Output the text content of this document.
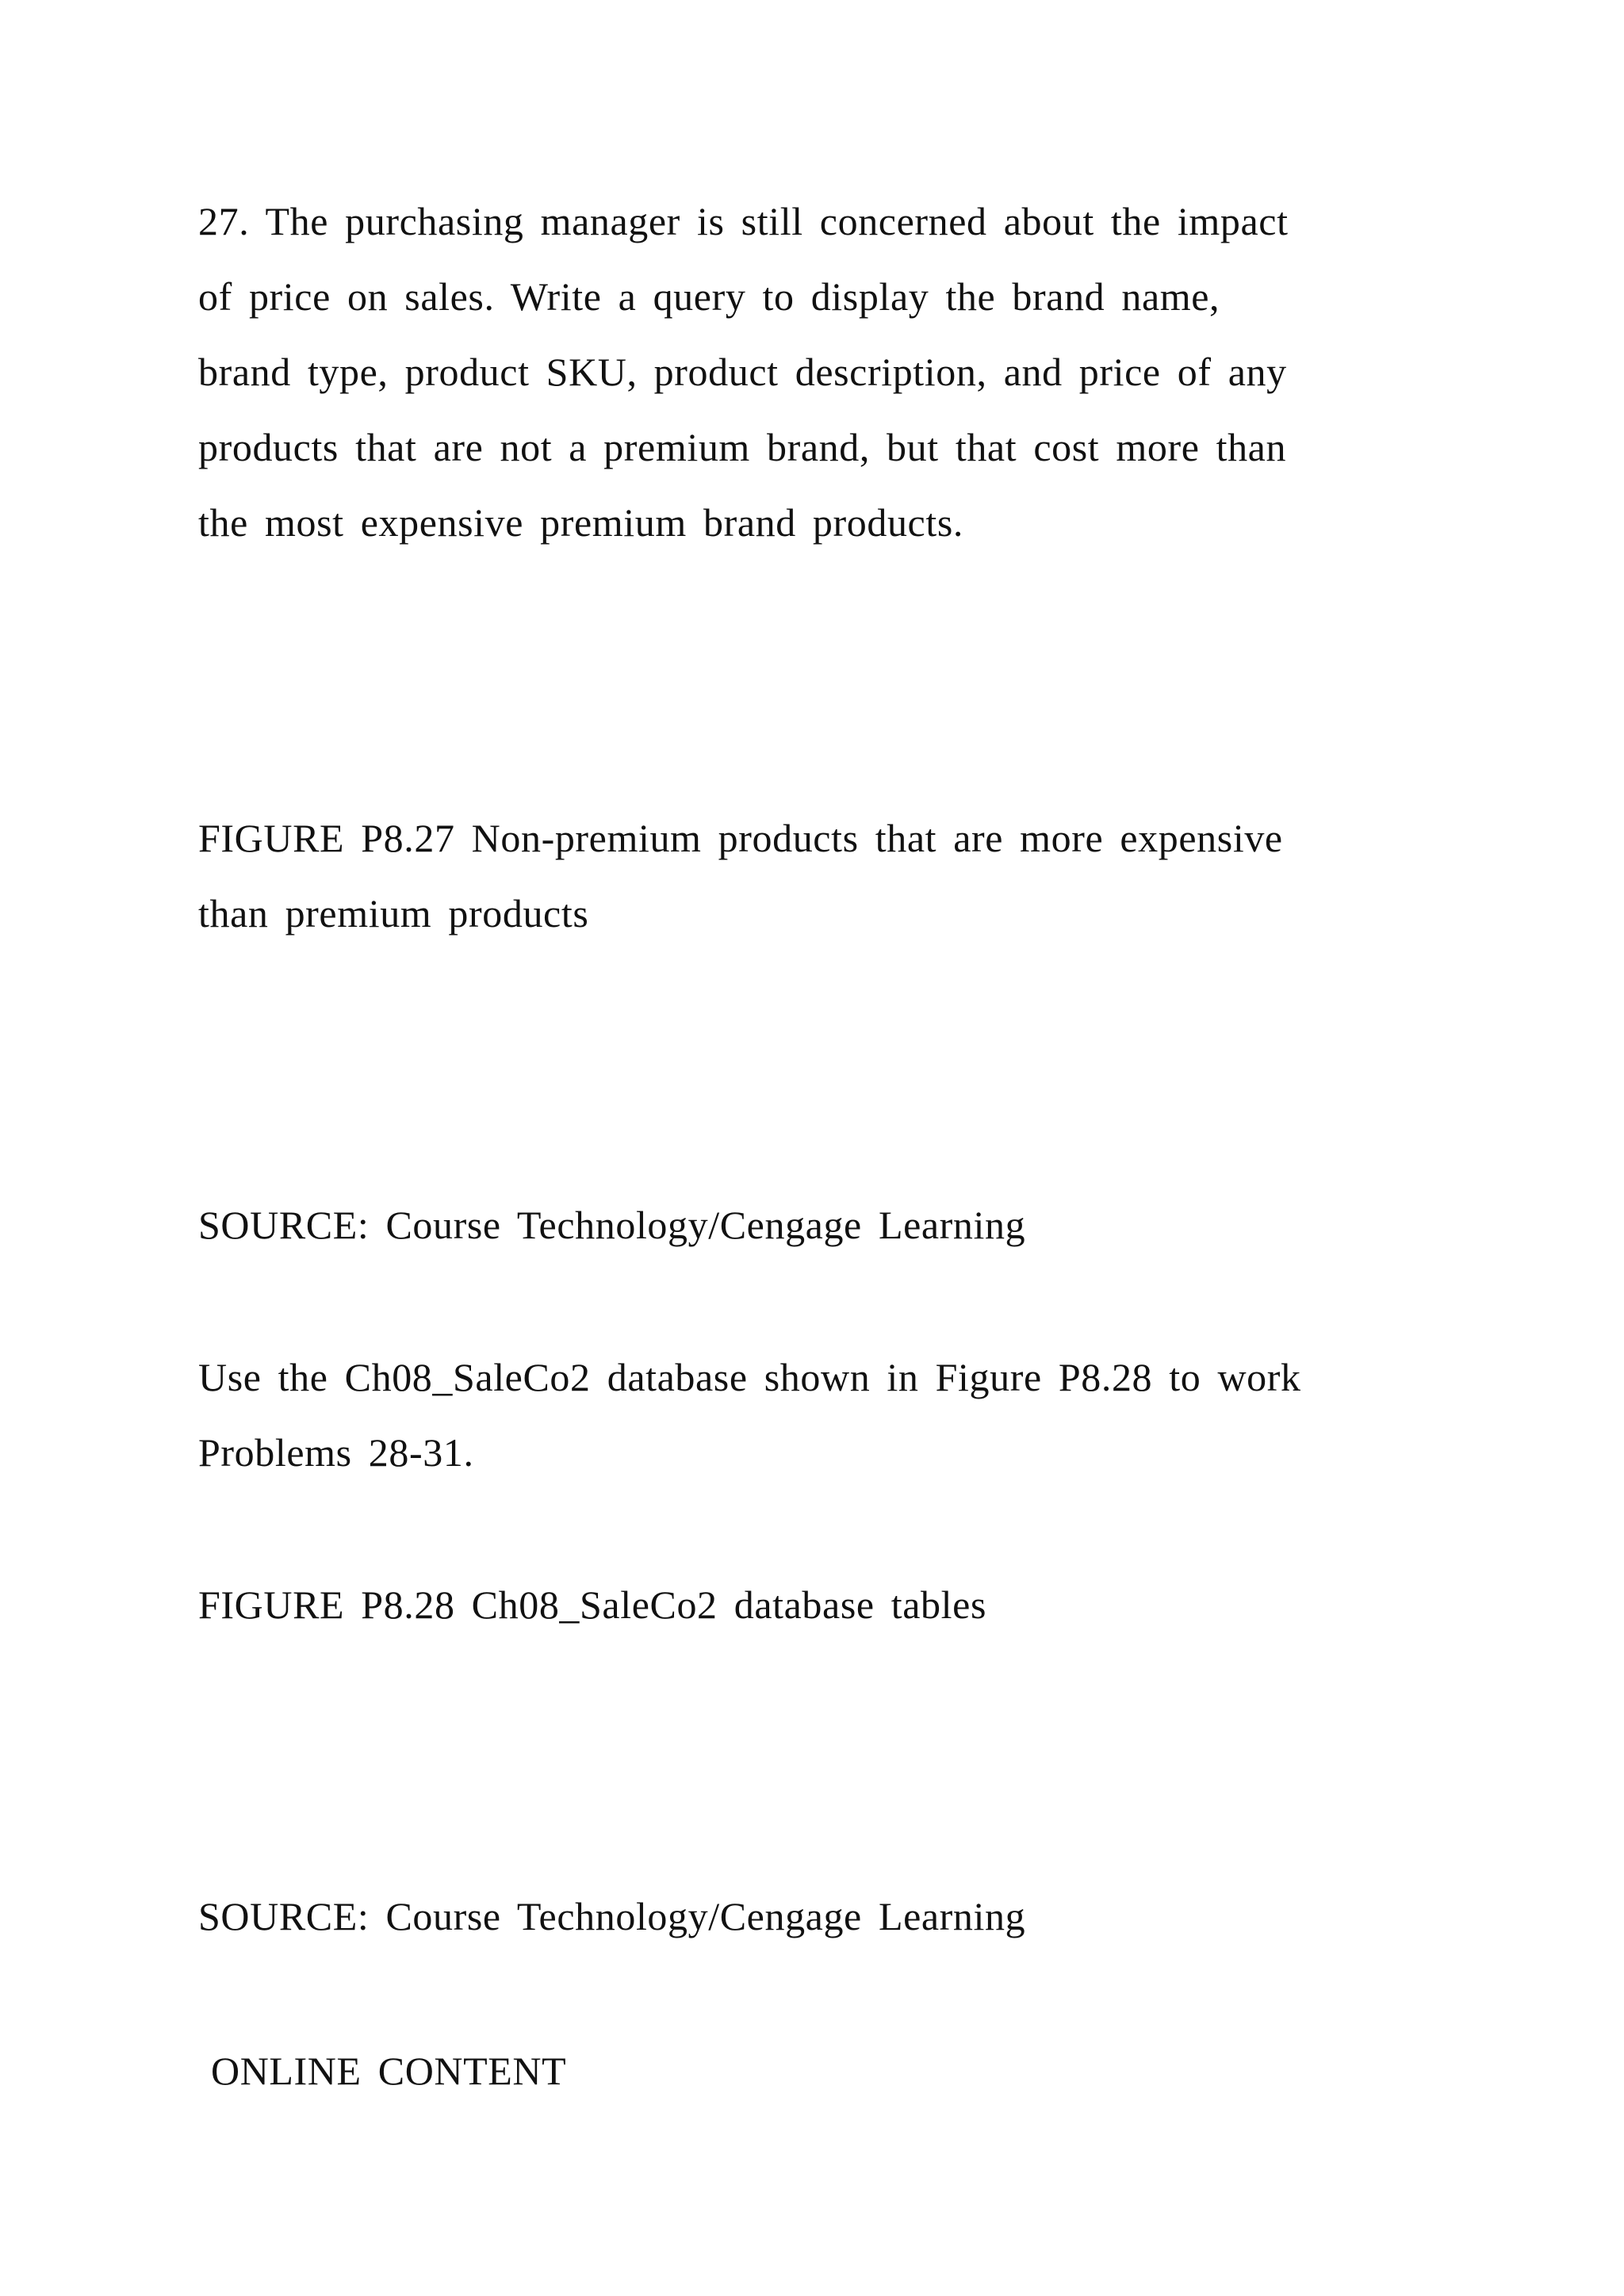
27. The purchasing manager is still concerned about the impact
of price on sales. Write a query to display the brand name,
brand type, product SKU, product description, and price of any
products that are not a premium brand, but that cost more than
the most expensive premium brand products.
FIGURE P8.27 Non-premium products that are more expensive
than premium products
SOURCE: Course Technology/Cengage Learning
Use the Ch08_SaleCo2 database shown in Figure P8.28 to work
Problems 28-31.
FIGURE P8.28 Ch08_SaleCo2 database tables
SOURCE: Course Technology/Cengage Learning
ONLINE CONTENT
